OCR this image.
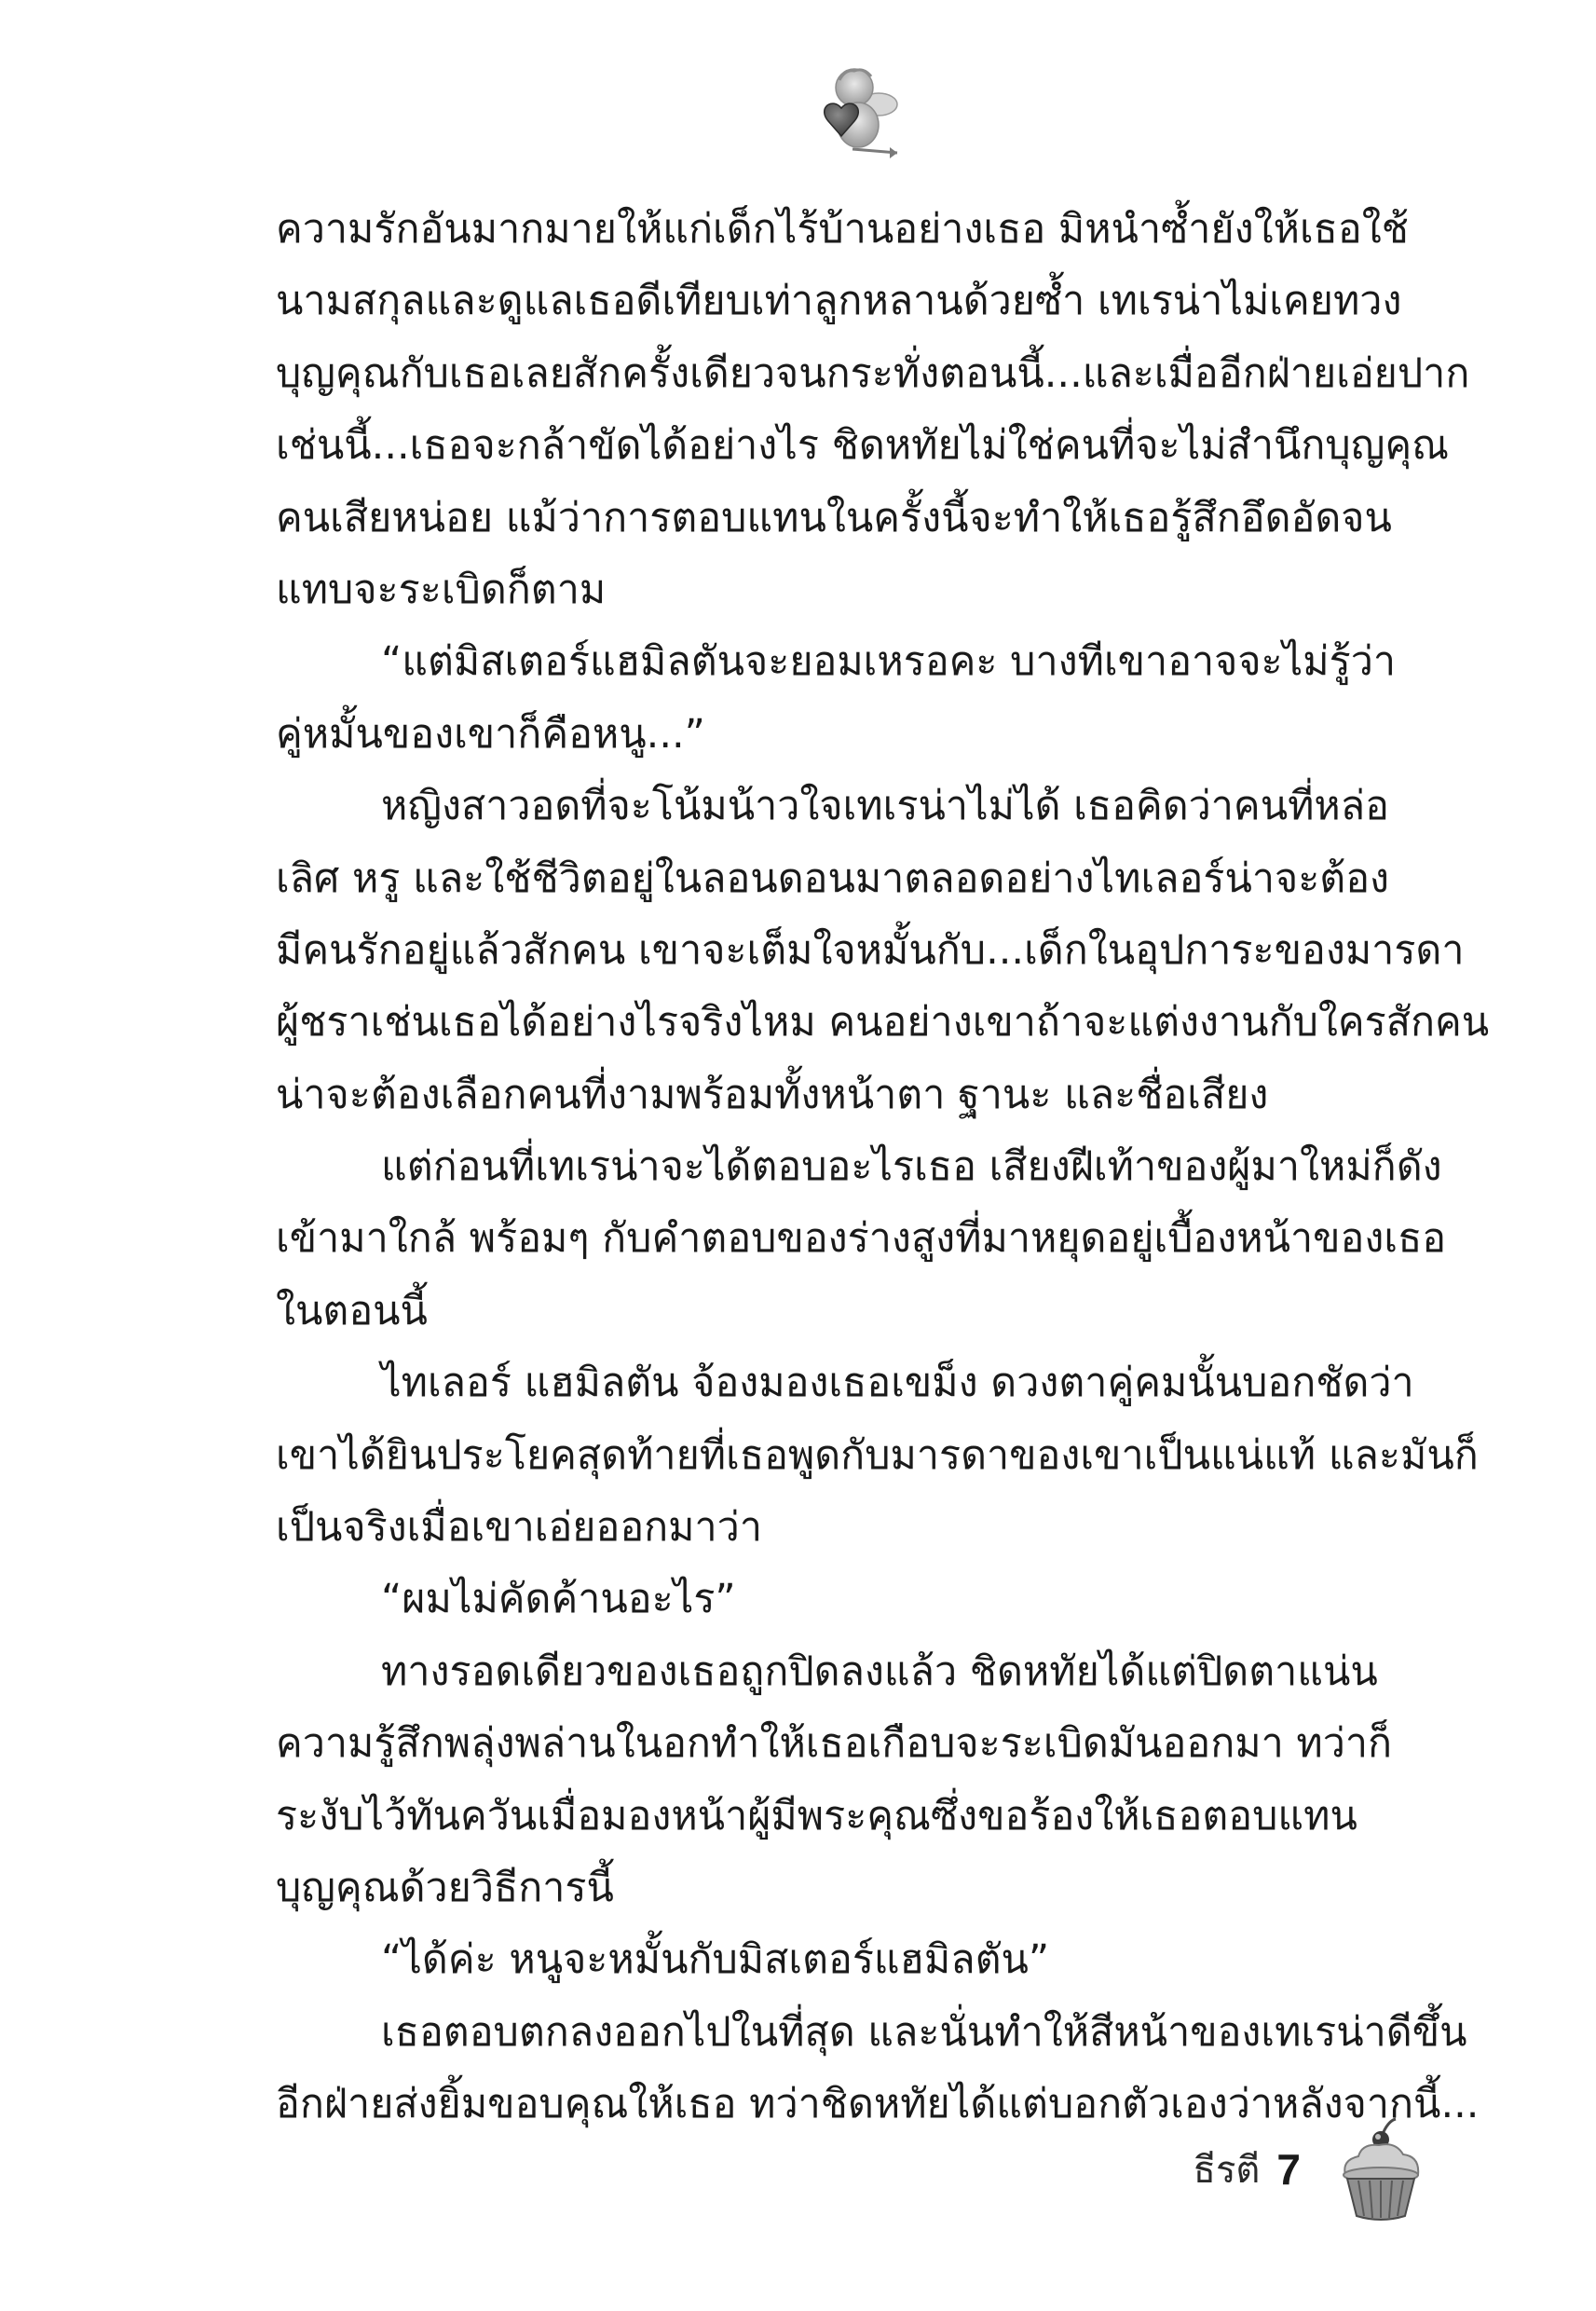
ความรักอันมากมายให้แก่เด็กไร้บ้านอย่างเธอ มิหนำซ้ำยังให้เธอใช้
นามสกุลและดูแลเธอดีเทียบเท่าลูกหลานด้วยซ้ำ เทเรน่าไม่เคยทวง
บุญคุณกับเธอเลยสักครั้งเดียวจนกระทั่งตอนนี้...และเมื่ออีกฝ่ายเอ่ยปาก
เช่นนี้...เธอจะกล้าขัดได้อย่างไร ชิดหทัยไม่ใช่คนที่จะไม่สำนึกบุญคุณ
คนเสียหน่อย แม้ว่าการตอบแทนในครั้งนี้จะทำให้เธอรู้สึกอึดอัดจน
แทบจะระเบิดก็ตาม
“แต่มิสเตอร์แฮมิลตันจะยอมเหรอคะ บางทีเขาอาจจะไม่รู้ว่า
คู่หมั้นของเขาก็คือหนู...”
หญิงสาวอดที่จะโน้มน้าวใจเทเรน่าไม่ได้ เธอคิดว่าคนที่หล่อ
เลิศ หรู และใช้ชีวิตอยู่ในลอนดอนมาตลอดอย่างไทเลอร์น่าจะต้อง
มีคนรักอยู่แล้วสักคน เขาจะเต็มใจหมั้นกับ...เด็กในอุปการะของมารดา
ผู้ชราเช่นเธอได้อย่างไรจริงไหม คนอย่างเขาถ้าจะแต่งงานกับใครสักคน
น่าจะต้องเลือกคนที่งามพร้อมทั้งหน้าตา ฐานะ และชื่อเสียง
แต่ก่อนที่เทเรน่าจะได้ตอบอะไรเธอ เสียงฝีเท้าของผู้มาใหม่ก็ดัง
เข้ามาใกล้ พร้อมๆ กับคำตอบของร่างสูงที่มาหยุดอยู่เบื้องหน้าของเธอ
ในตอนนี้
ไทเลอร์ แฮมิลตัน จ้องมองเธอเขม็ง ดวงตาคู่คมนั้นบอกชัดว่า
เขาได้ยินประโยคสุดท้ายที่เธอพูดกับมารดาของเขาเป็นแน่แท้ และมันก็
เป็นจริงเมื่อเขาเอ่ยออกมาว่า
“ผมไม่คัดค้านอะไร”
ทางรอดเดียวของเธอถูกปิดลงแล้ว ชิดหทัยได้แต่ปิดตาแน่น
ความรู้สึกพลุ่งพล่านในอกทำให้เธอเกือบจะระเบิดมันออกมา ทว่าก็
ระงับไว้ทันควันเมื่อมองหน้าผู้มีพระคุณซึ่งขอร้องให้เธอตอบแทน
บุญคุณด้วยวิธีการนี้
“ได้ค่ะ หนูจะหมั้นกับมิสเตอร์แฮมิลตัน”
เธอตอบตกลงออกไปในที่สุด และนั่นทำให้สีหน้าของเทเรน่าดีขึ้น
อีกฝ่ายส่งยิ้มขอบคุณให้เธอ ทว่าชิดหทัยได้แต่บอกตัวเองว่าหลังจากนี้...
ธีรตี 7
